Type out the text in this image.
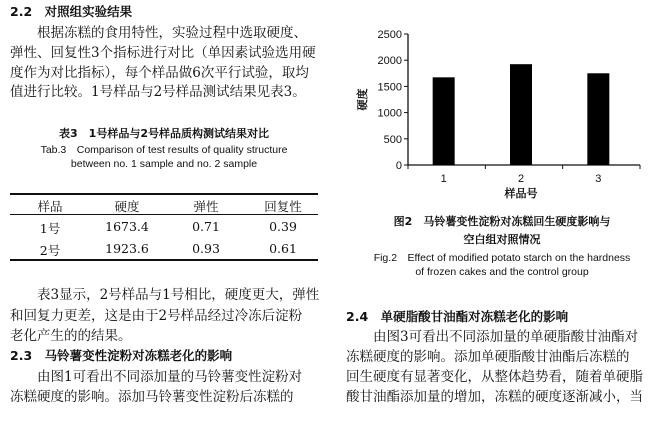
2.2　对照组实验结果
　　根据冻糕的食用特性，实验过程中选取硬度、
弹性、回复性3个指标进行对比（单因素试验选用硬
度作为对比指标），每个样品做6次平行试验，取均
值进行比较。1号样品与2号样品测试结果见表3。
表3　1号样品与2号样品质构测试结果对比
Tab.3　Comparison of test results of quality structure
between no. 1 sample and no. 2 sample
样品	硬度	弹性	回复性
1号	1673.4	0.71	0.39
2号	1923.6	0.93	0.61
　　表3显示，2号样品与1号相比，硬度更大，弹性
和回复力更差，这是由于2号样品经过冷冻后淀粉
老化产生的的结果。
2.3　马铃薯变性淀粉对冻糕老化的影响
　　由图1可看出不同添加量的马铃薯变性淀粉对
冻糕硬度的影响。添加马铃薯变性淀粉后冻糕的
0
500
1000
1500
2000
2500
1	2	3
样品号
硬度
图2　马铃薯变性淀粉对冻糕回生硬度影响与
空白组对照情况
Fig.2　Effect of modified potato starch on the hardness
of frozen cakes and the control group
2.4　单硬脂酸甘油酯对冻糕老化的影响
　　由图3可看出不同添加量的单硬脂酸甘油酯对
冻糕硬度的影响。添加单硬脂酸甘油酯后冻糕的
回生硬度有显著变化，从整体趋势看，随着单硬脂
酸甘油酯添加量的增加，冻糕的硬度逐渐减小，当
